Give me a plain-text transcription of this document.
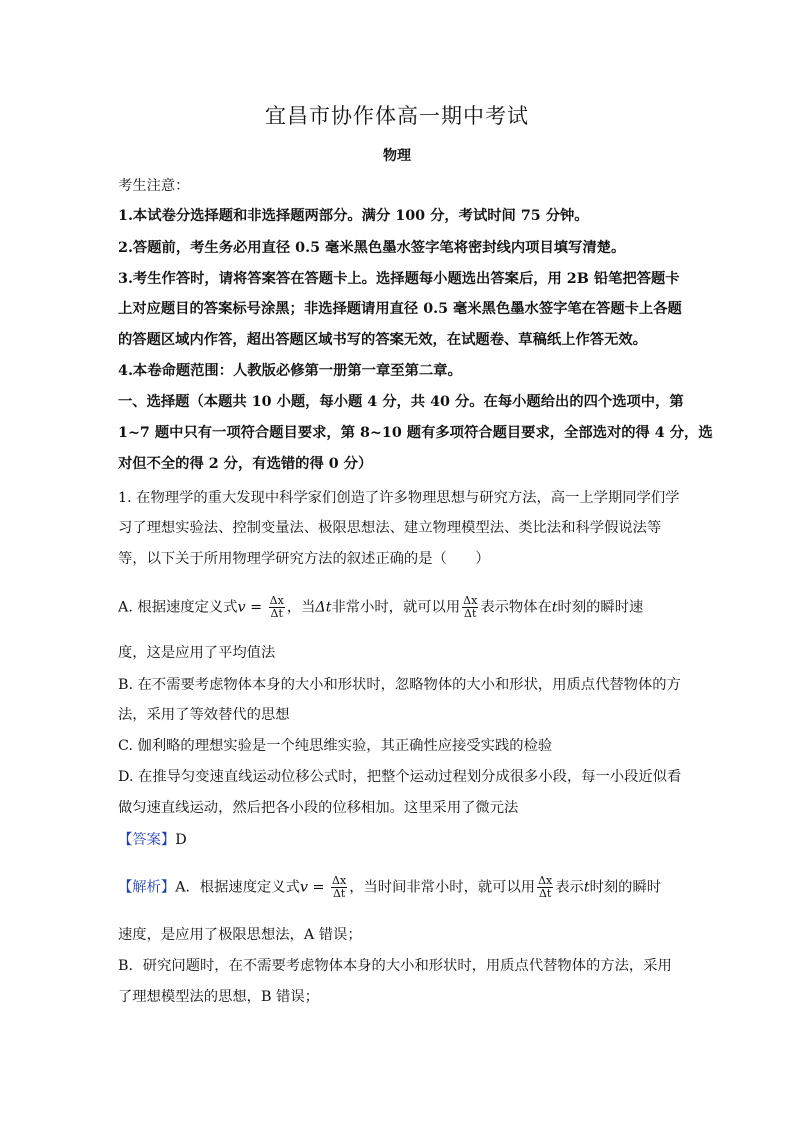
宜昌市协作体高一期中考试
物理
考生注意：
1.本试卷分选择题和非选择题两部分。满分 100 分，考试时间 75 分钟。
2.答题前，考生务必用直径 0.5 毫米黑色墨水签字笔将密封线内项目填写清楚。
3.考生作答时，请将答案答在答题卡上。选择题每小题选出答案后，用 2B 铅笔把答题卡
上对应题目的答案标号涂黑；非选择题请用直径 0.5 毫米黑色墨水签字笔在答题卡上各题
的答题区域内作答，超出答题区域书写的答案无效，在试题卷、草稿纸上作答无效。
4.本卷命题范围：人教版必修第一册第一章至第二章。
一、选择题（本题共 10 小题，每小题 4 分，共 40 分。在每小题给出的四个选项中，第
1~7 题中只有一项符合题目要求，第 8~10 题有多项符合题目要求，全部选对的得 4 分，选
对但不全的得 2 分，有选错的得 0 分）
1. 在物理学的重大发现中科学家们创造了许多物理思想与研究方法，高一上学期同学们学
习了理想实验法、控制变量法、极限思想法、建立物理模型法、类比法和科学假说法等
等，以下关于所用物理学研究方法的叙述正确的是（　　）
A. 根据速度定义式$v = \frac{\Delta x}{\Delta t}$ ，当Δt非常小时，就可以用 $\frac{\Delta x}{\Delta t}$ 表示物体在t时刻的瞬时速
度，这是应用了平均值法
B. 在不需要考虑物体本身的大小和形状时，忽略物体的大小和形状，用质点代替物体的方
法，采用了等效替代的思想
C. 伽利略的理想实验是一个纯思维实验，其正确性应接受实践的检验
D. 在推导匀变速直线运动位移公式时，把整个运动过程划分成很多小段，每一小段近似看
做匀速直线运动，然后把各小段的位移相加。这里采用了微元法
【答案】D
【解析】A．根据速度定义式$v = \frac{\Delta x}{\Delta t}$ ，当时间非常小时，就可以用 $\frac{\Delta x}{\Delta t}$ 表示t时刻的瞬时
速度，是应用了极限思想法，A 错误；
B．研究问题时，在不需要考虑物体本身的大小和形状时，用质点代替物体的方法，采用
了理想模型法的思想，B 错误；
